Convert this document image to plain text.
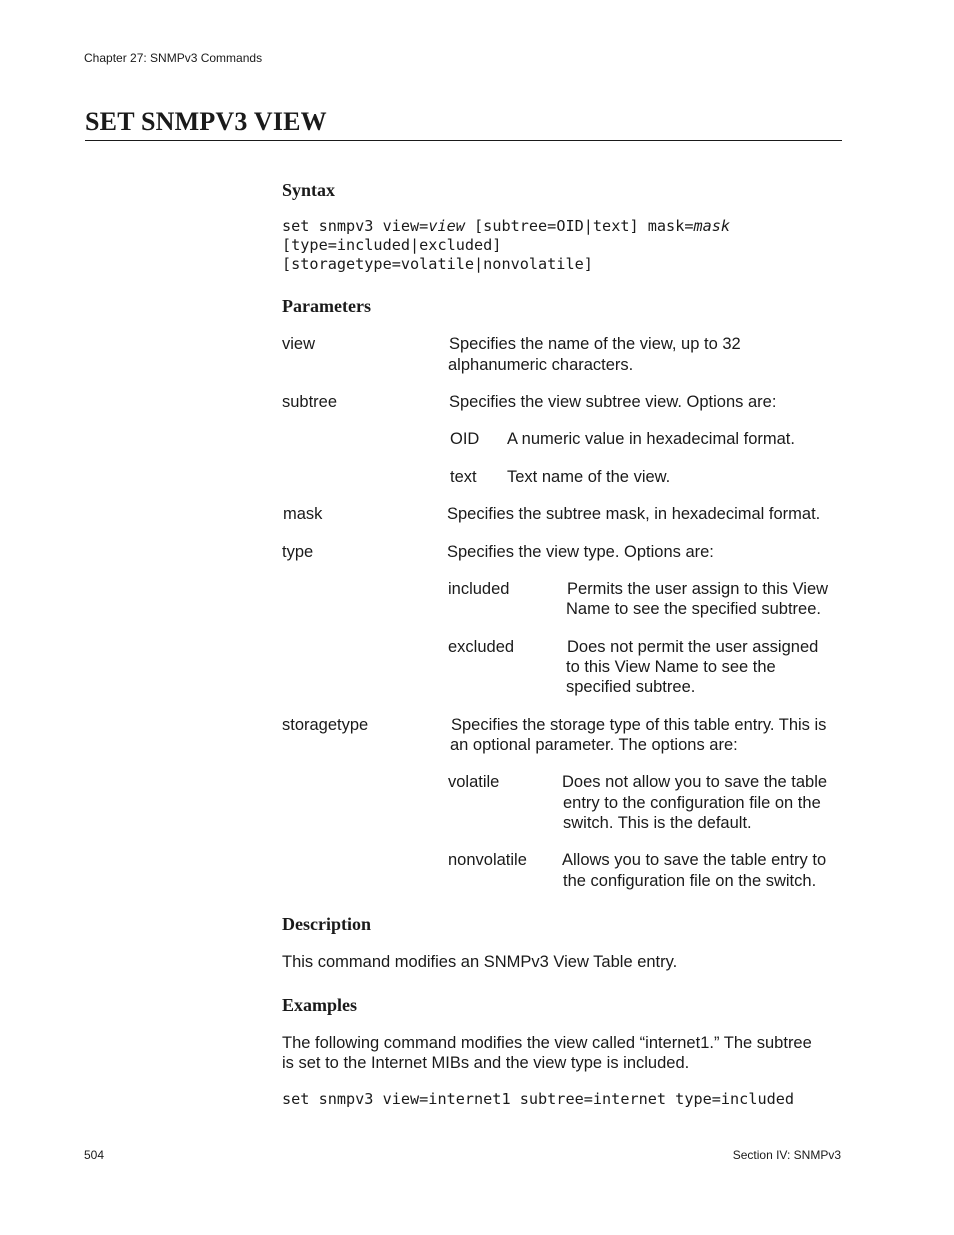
Chapter 27: SNMPv3 Commands
SET SNMPV3 VIEW
Syntax
set snmpv3 view=view [subtree=OID|text] mask=mask
[type=included|excluded]
[storagetype=volatile|nonvolatile]
Parameters
view	Specifies the name of the view, up to 32
alphanumeric characters.
subtree	Specifies the view subtree view. Options are:
OID A numeric value in hexadecimal format.
text Text name of the view.
mask	Specifies the subtree mask, in hexadecimal format.
type	Specifies the view type. Options are:
included	Permits the user assign to this View
Name to see the specified subtree.
excluded	Does not permit the user assigned
to this View Name to see the
specified subtree.
storagetype	Specifies the storage type of this table entry. This is
an optional parameter. The options are:
volatile	Does not allow you to save the table
entry to the configuration file on the
switch. This is the default.
nonvolatile Allows you to save the table entry to
the configuration file on the switch.
Description
This command modifies an SNMPv3 View Table entry.
Examples
The following command modifies the view called “internet1.” The subtree
is set to the Internet MIBs and the view type is included.
set snmpv3 view=internet1 subtree=internet type=included
504	Section IV: SNMPv3
